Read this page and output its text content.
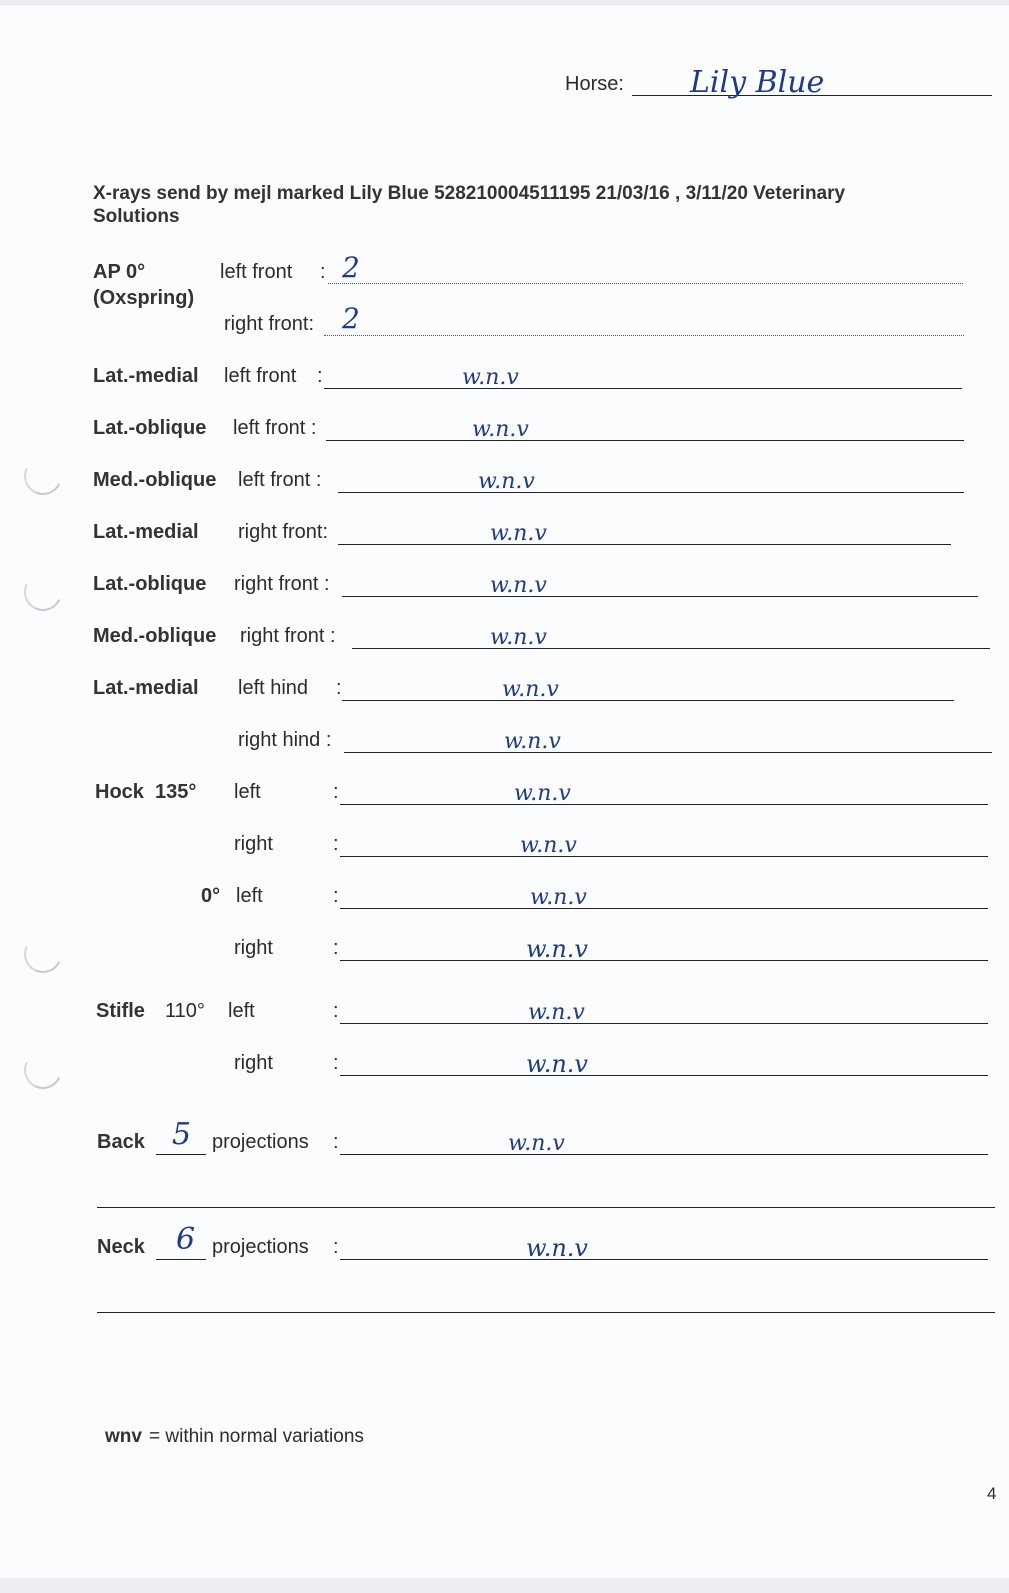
Horse: Lily Blue
X-rays send by mejl marked Lily Blue 528210004511195 21/03/16 , 3/11/20 Veterinary
Solutions
AP 0°
(Oxspring)
left front : 2
right front: 2
Lat.-medial left front :	w.n.v
Lat.-oblique left front :	w.n.v
Med.-oblique left front :	w.n.v
Lat.-medial right front:	w.n.v
Lat.-oblique right front :	w.n.v
Med.-oblique right front :	w.n.v
Lat.-medial left hind :	w.n.v
right hind :	w.n.v
Hock  135° left	:	w.n.v
right	:	w.n.v
0° left	:	w.n.v
right	:	w.n.v
Stifle 110° left	:	w.n.v
right	:	w.n.v
Back 5 projections :	w.n.v
Neck 6 projections :	w.n.v
wnv = within normal variations
4
